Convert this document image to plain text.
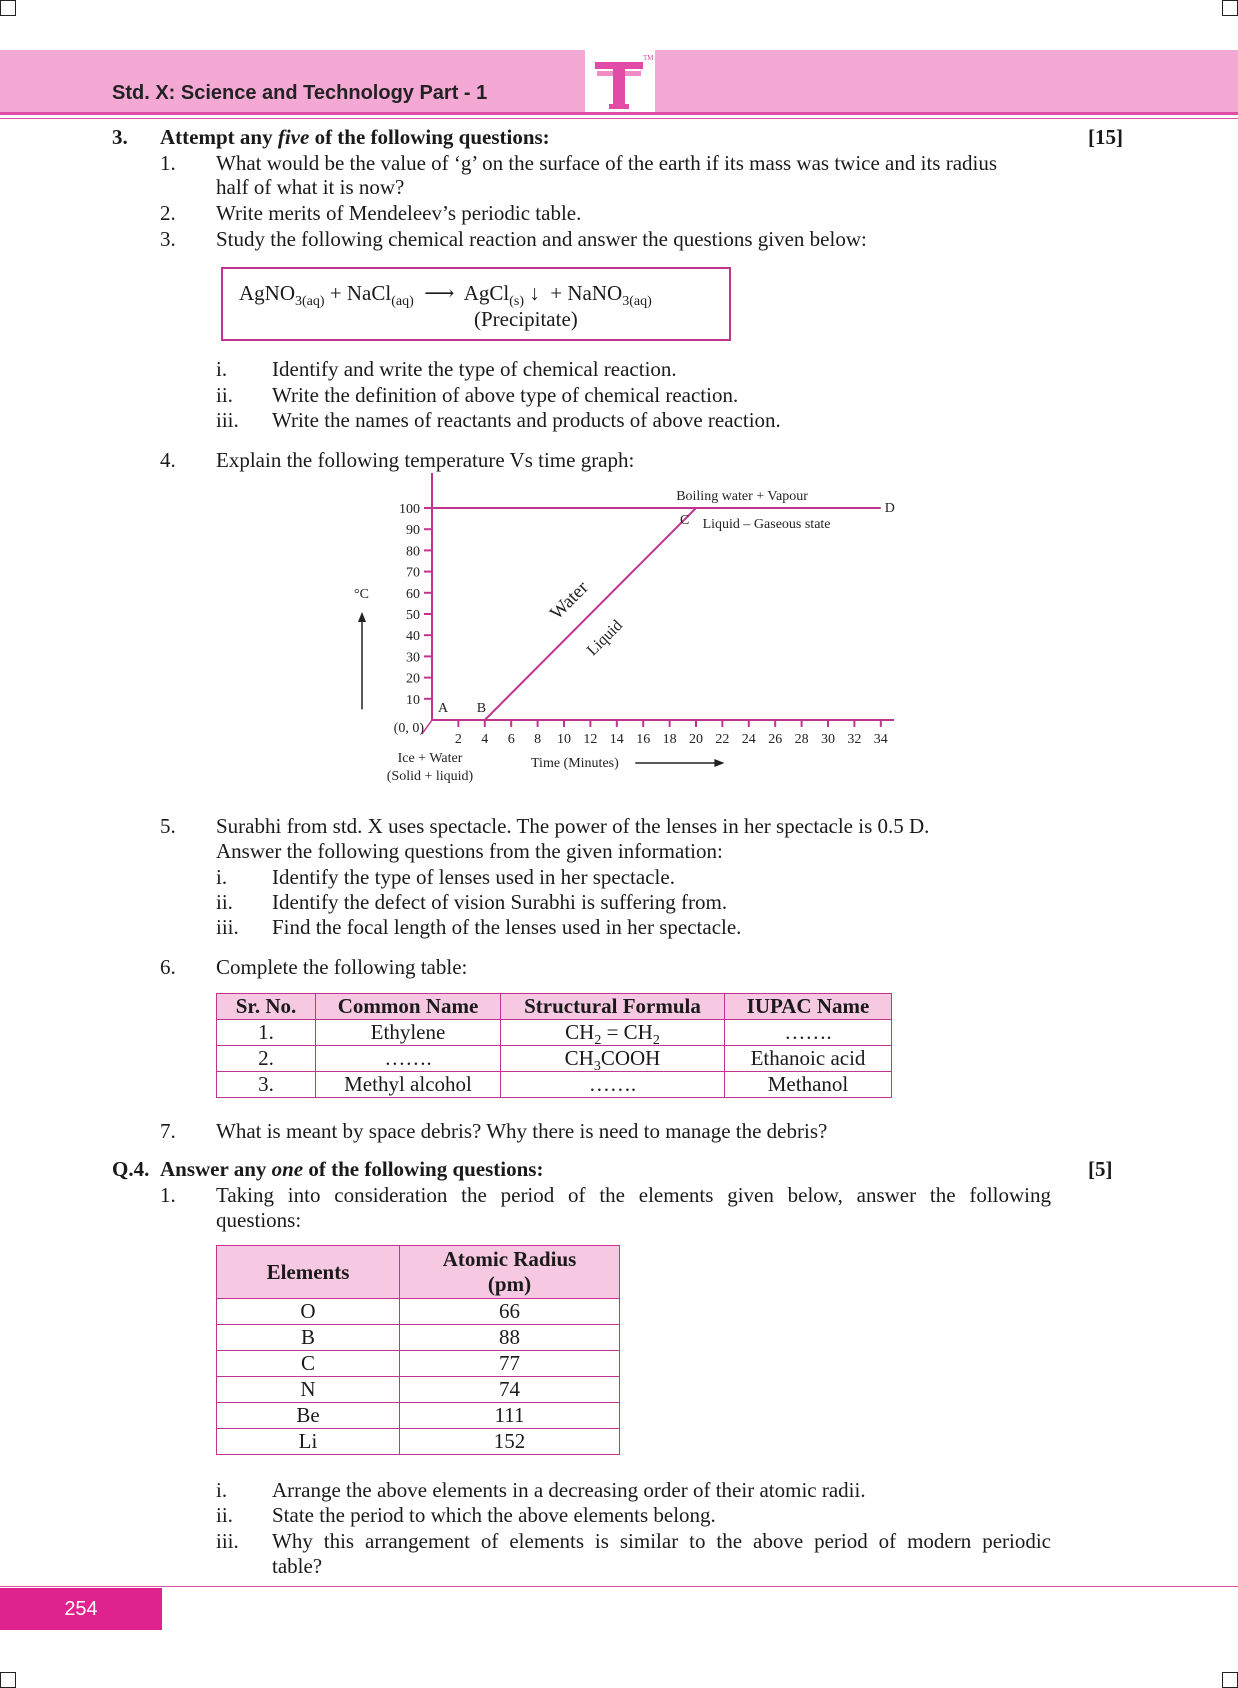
Std. X: Science and Technology Part - 1
TM
3. Attempt any five of the following questions:	[15]
1. What would be the value of ‘g’ on the surface of the earth if its mass was twice and its radius
half of what it is now?
2. Write merits of Mendeleev’s periodic table.
3. Study the following chemical reaction and answer the questions given below:
AgNO$_{3(aq)}$ + NaCl$_{(aq)}$ ⟶ AgCl$_{(s)}$ ↓ + NaNO$_{3(aq)}$
(Precipitate)
i. Identify and write the type of chemical reaction.
ii. Write the definition of above type of chemical reaction.
iii. Write the names of reactants and products of above reaction.
4. Explain the following temperature Vs time graph:
2 4 6 8 10 12 14 16 18 20 22 24 26 28 30 32 34
10
20
30
40
50
60
70
80
90
100
(0, 0)
A B
C
D
Boiling water + Vapour
Liquid – Gaseous state
Ice + Water
(Solid + liquid)
Water
Liquid
°C
Time (Minutes)
5. Surabhi from std. X uses spectacle. The power of the lenses in her spectacle is 0.5 D.
Answer the following questions from the given information:
i. Identify the type of lenses used in her spectacle.
ii. Identify the defect of vision Surabhi is suffering from.
iii. Find the focal length of the lenses used in her spectacle.
6. Complete the following table:
Sr. No.	Common Name	Structural Formula	IUPAC Name
1.	Ethylene	$CH_2 = CH_2$	…….
2.	…….	$CH_3COOH$	Ethanoic acid
3.	Methyl alcohol	…….	Methanol
7. What is meant by space debris? Why there is need to manage the debris?
Q.4. Answer any one of the following questions:	[5]
1. Taking into consideration the period of the elements given below, answer the following
questions:
Elements	Atomic Radius
(pm)
O	66
B	88
C	77
N	74
Be	111
Li	152
i. Arrange the above elements in a decreasing order of their atomic radii.
ii. State the period to which the above elements belong.
iii. Why this arrangement of elements is similar to the above period of modern periodic
table?
254
